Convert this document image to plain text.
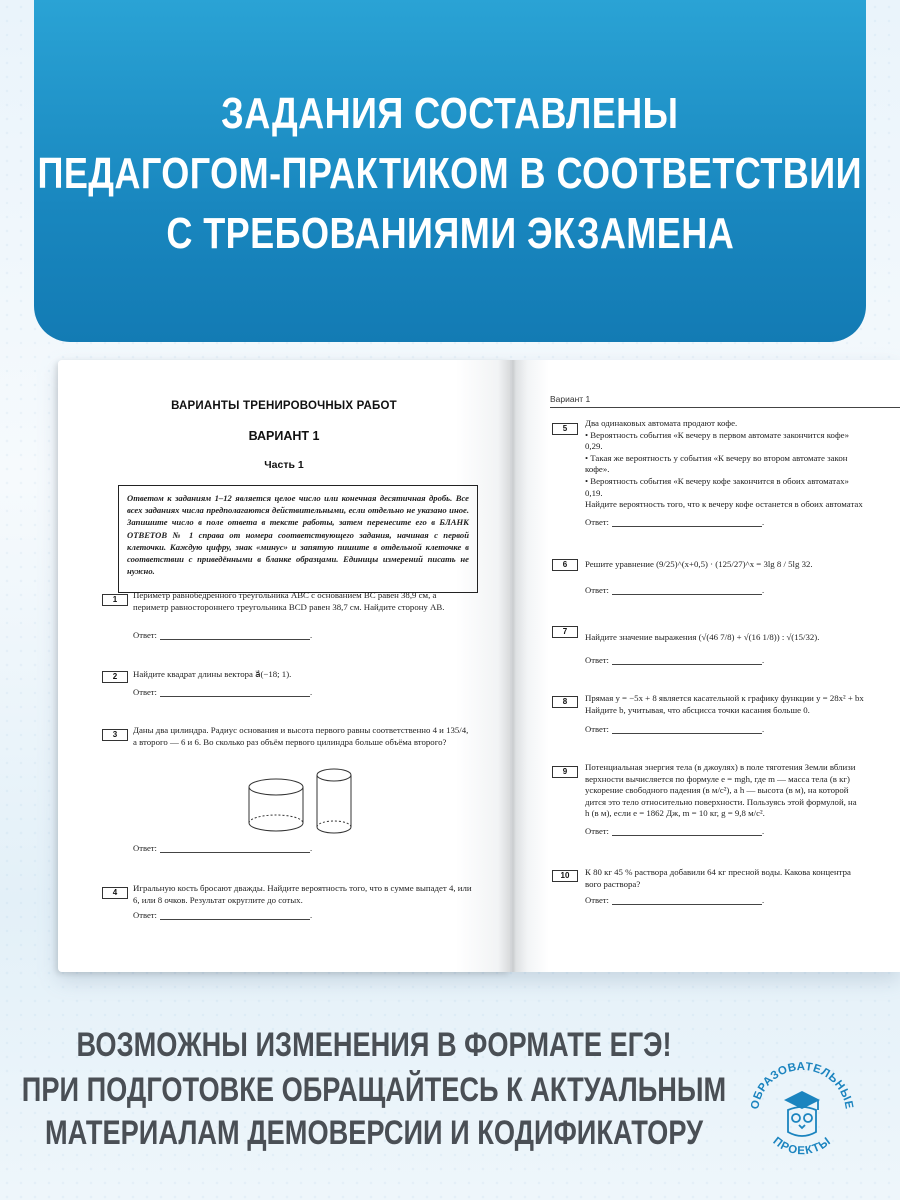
ЗАДАНИЯ СОСТАВЛЕНЫ
ПЕДАГОГОМ-ПРАКТИКОМ В СООТВЕТСТВИИ
С ТРЕБОВАНИЯМИ ЭКЗАМЕНА
ВАРИАНТЫ ТРЕНИРОВОЧНЫХ РАБОТ
ВАРИАНТ 1
Часть 1
Ответом к заданиям 1–12 является целое число или конечная десятичная дробь. Все всех заданиях числа предполагаются действительными, если отдельно не указано иное. Запишите число в поле ответа в тексте работы, затем перенесите его в БЛАНК ОТВЕТОВ № 1 справа от номера соответствующего задания, начиная с первой клеточки. Каждую цифру, знак «минус» и запятую пишите в отдельной клеточке в соответствии с приведёнными в бланке образцами. Единицы измерений писать не нужно.
1	Периметр равнобедренного треугольника ABC с основанием BC равен 38,9 см, а периметр равностороннего треугольника BCD равен 38,7 см. Найдите сторону AB.
Ответ:	.
2	Найдите квадрат длины вектора a⃗(−18; 1).
Ответ:	.
3	Даны два цилиндра. Радиус основания и высота первого равны соответственно 4 и 135/4, а второго — 6 и 6. Во сколько раз объём первого цилиндра больше объёма второго?
Ответ:	.
4	Игральную кость бросают дважды. Найдите вероятность того, что в сумме выпадет 4, или 6, или 8 очков. Результат округлите до сотых.
Ответ:	.
Вариант 1
5
Два одинаковых автомата продают кофе.
• Вероятность события «К вечеру в первом автомате закончится кофе»
0,29.
• Такая же вероятность у события «К вечеру во втором автомате закон
кофе».
• Вероятность события «К вечеру кофе закончится в обоих автоматах»
0,19.
Найдите вероятность того, что к вечеру кофе останется в обоих автоматах
Ответ:	.
6	Решите уравнение (9/25)^(x+0,5) · (125/27)^x = 3lg 8 / 5lg 32.
Ответ:	.
7
Найдите значение выражения (√(46 7/8) + √(16 1/8)) : √(15/32).
Ответ:	.
8	Прямая y = −5x + 8 является касательной к графику функции y = 28x² + bx
Найдите b, учитывая, что абсцисса точки касания больше 0.
Ответ:	.
9	Потенциальная энергия тела (в джоулях) в поле тяготения Земли вблизи
верхности вычисляется по формуле e = mgh, где m — масса тела (в кг)
ускорение свободного падения (в м/с²), а h — высота (в м), на которой
дится это тело относительно поверхности. Пользуясь этой формулой, на
h (в м), если e = 1862 Дж, m = 10 кг, g = 9,8 м/с².
Ответ:	.
10	К 80 кг 45 % раствора добавили 64 кг пресной воды. Какова концентра
вого раствора?
Ответ:	.
ВОЗМОЖНЫ ИЗМЕНЕНИЯ В ФОРМАТЕ ЕГЭ!
ПРИ ПОДГОТОВКЕ ОБРАЩАЙТЕСЬ К АКТУАЛЬНЫМ
МАТЕРИАЛАМ ДЕМОВЕРСИИ И КОДИФИКАТОРУ
ОБРАЗОВАТЕЛЬНЫЕ
ПРОЕКТЫ
